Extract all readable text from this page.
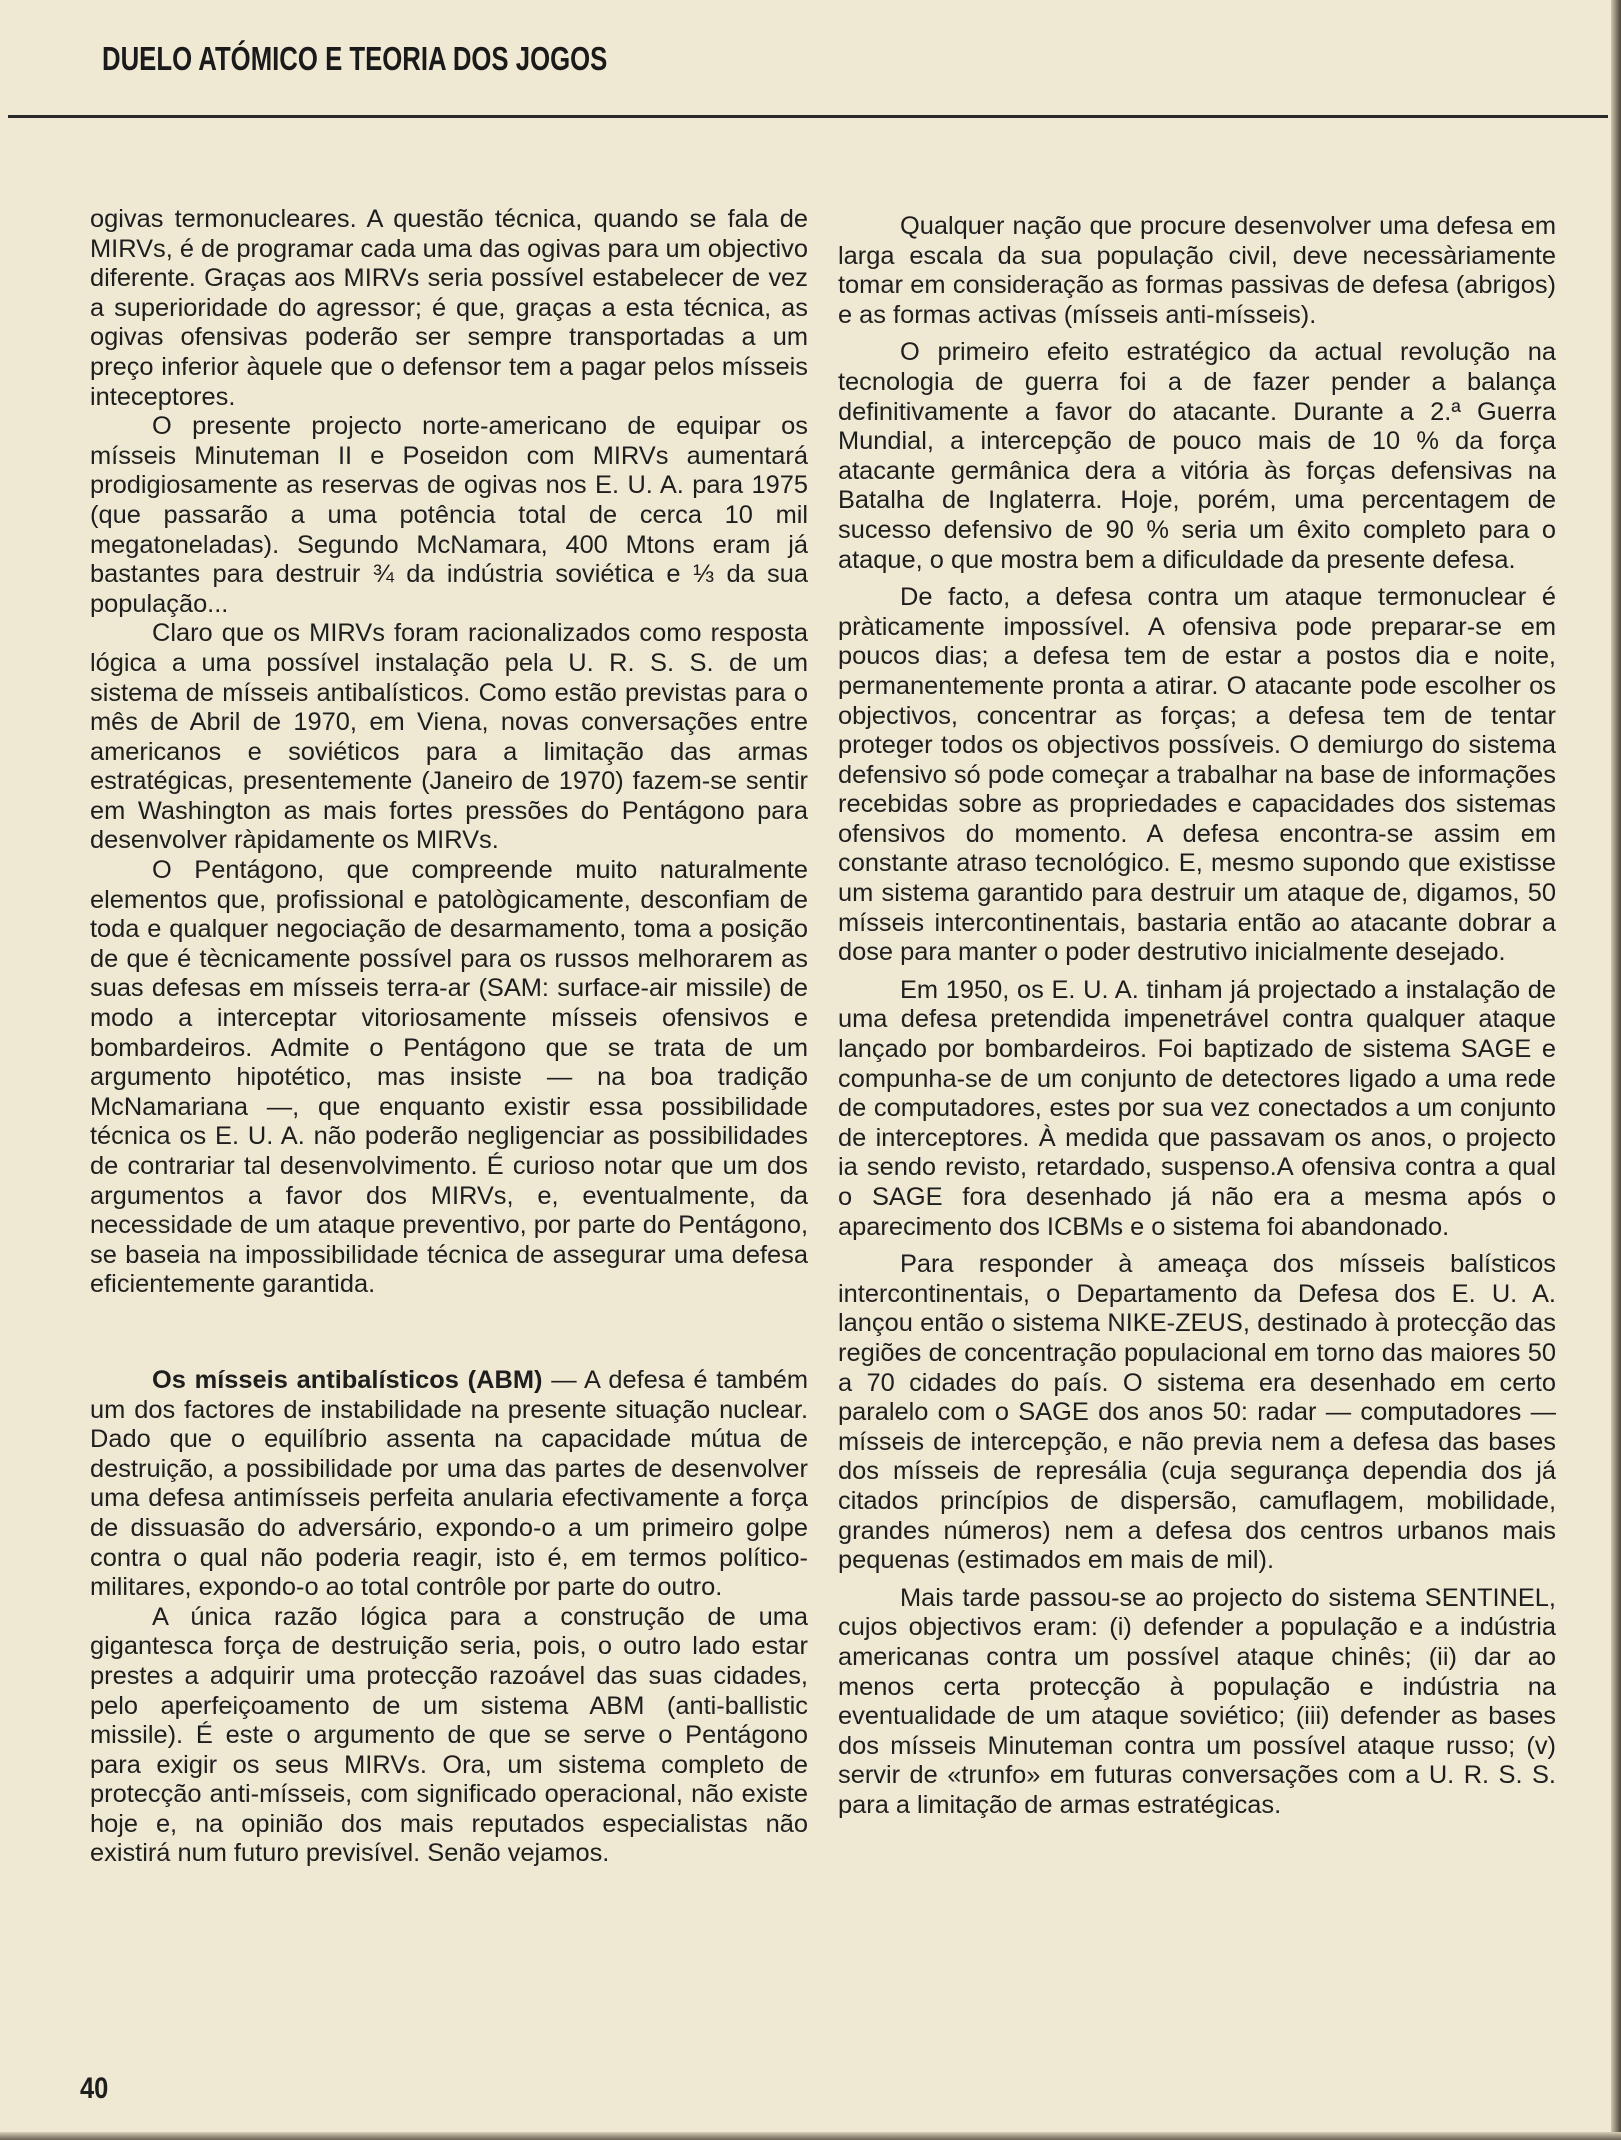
DUELO ATÓMICO E TEORIA DOS JOGOS

ogivas termonucleares. A questão técnica, quando se fala de MIRVs, é de programar cada uma das ogivas para um objectivo diferente. Graças aos MIRVs seria possível estabelecer de vez a superioridade do agressor; é que, graças a esta técnica, as ogivas ofensivas poderão ser sempre transportadas a um preço inferior àquele que o defensor tem a pagar pelos mísseis inteceptores.

O presente projecto norte-americano de equipar os mísseis Minuteman II e Poseidon com MIRVs aumentará prodigiosamente as reservas de ogivas nos E. U. A. para 1975 (que passarão a uma potência total de cerca 10 mil megatoneladas). Segundo McNamara, 400 Mtons eram já bastantes para destruir ¾ da indústria soviética e ⅓ da sua população...

Claro que os MIRVs foram racionalizados como resposta lógica a uma possível instalação pela U. R. S. S. de um sistema de mísseis antibalísticos. Como estão previstas para o mês de Abril de 1970, em Viena, novas conversações entre americanos e soviéticos para a limitação das armas estratégicas, presentemente (Janeiro de 1970) fazem-se sentir em Washington as mais fortes pressões do Pentágono para desenvolver ràpidamente os MIRVs.

O Pentágono, que compreende muito naturalmente elementos que, profissional e patològicamente, desconfiam de toda e qualquer negociação de desarmamento, toma a posição de que é tècnicamente possível para os russos melhorarem as suas defesas em mísseis terra-ar (SAM: surface-air missile) de modo a interceptar vitoriosamente mísseis ofensivos e bombardeiros. Admite o Pentágono que se trata de um argumento hipotético, mas insiste — na boa tradição McNamariana —, que enquanto existir essa possibilidade técnica os E. U. A. não poderão negligenciar as possibilidades de contrariar tal desenvolvimento. É curioso notar que um dos argumentos a favor dos MIRVs, e, eventualmente, da necessidade de um ataque preventivo, por parte do Pentágono, se baseia na impossibilidade técnica de assegurar uma defesa eficientemente garantida.

Os mísseis antibalísticos (ABM) — A defesa é também um dos factores de instabilidade na presente situação nuclear. Dado que o equilíbrio assenta na capacidade mútua de destruição, a possibilidade por uma das partes de desenvolver uma defesa antimísseis perfeita anularia efectivamente a força de dissuasão do adversário, expondo-o a um primeiro golpe contra o qual não poderia reagir, isto é, em termos político-militares, expondo-o ao total contrôle por parte do outro.

A única razão lógica para a construção de uma gigantesca força de destruição seria, pois, o outro lado estar prestes a adquirir uma protecção razoável das suas cidades, pelo aperfeiçoamento de um sistema ABM (anti-ballistic missile). É este o argumento de que se serve o Pentágono para exigir os seus MIRVs. Ora, um sistema completo de protecção anti-mísseis, com significado operacional, não existe hoje e, na opinião dos mais reputados especialistas não existirá num futuro previsível. Senão vejamos.

Qualquer nação que procure desenvolver uma defesa em larga escala da sua população civil, deve necessàriamente tomar em consideração as formas passivas de defesa (abrigos) e as formas activas (mísseis anti-mísseis).

O primeiro efeito estratégico da actual revolução na tecnologia de guerra foi a de fazer pender a balança definitivamente a favor do atacante. Durante a 2.ª Guerra Mundial, a intercepção de pouco mais de 10 % da força atacante germânica dera a vitória às forças defensivas na Batalha de Inglaterra. Hoje, porém, uma percentagem de sucesso defensivo de 90 % seria um êxito completo para o ataque, o que mostra bem a dificuldade da presente defesa.

De facto, a defesa contra um ataque termonuclear é pràticamente impossível. A ofensiva pode preparar-se em poucos dias; a defesa tem de estar a postos dia e noite, permanentemente pronta a atirar. O atacante pode escolher os objectivos, concentrar as forças; a defesa tem de tentar proteger todos os objectivos possíveis. O demiurgo do sistema defensivo só pode começar a trabalhar na base de informações recebidas sobre as propriedades e capacidades dos sistemas ofensivos do momento. A defesa encontra-se assim em constante atraso tecnológico. E, mesmo supondo que existisse um sistema garantido para destruir um ataque de, digamos, 50 mísseis intercontinentais, bastaria então ao atacante dobrar a dose para manter o poder destrutivo inicialmente desejado.

Em 1950, os E. U. A. tinham já projectado a instalação de uma defesa pretendida impenetrável contra qualquer ataque lançado por bombardeiros. Foi baptizado de sistema SAGE e compunha-se de um conjunto de detectores ligado a uma rede de computadores, estes por sua vez conectados a um conjunto de interceptores. À medida que passavam os anos, o projecto ia sendo revisto, retardado, suspenso.A ofensiva contra a qual o SAGE fora desenhado já não era a mesma após o aparecimento dos ICBMs e o sistema foi abandonado.

Para responder à ameaça dos mísseis balísticos intercontinentais, o Departamento da Defesa dos E. U. A. lançou então o sistema NIKE-ZEUS, destinado à protecção das regiões de concentração populacional em torno das maiores 50 a 70 cidades do país. O sistema era desenhado em certo paralelo com o SAGE dos anos 50: radar — computadores — mísseis de intercepção, e não previa nem a defesa das bases dos mísseis de represália (cuja segurança dependia dos já citados princípios de dispersão, camuflagem, mobilidade, grandes números) nem a defesa dos centros urbanos mais pequenas (estimados em mais de mil).

Mais tarde passou-se ao projecto do sistema SENTINEL, cujos objectivos eram: (i) defender a população e a indústria americanas contra um possível ataque chinês; (ii) dar ao menos certa protecção à população e indústria na eventualidade de um ataque soviético; (iii) defender as bases dos mísseis Minuteman contra um possível ataque russo; (v) servir de «trunfo» em futuras conversações com a U. R. S. S. para a limitação de armas estratégicas.

40
